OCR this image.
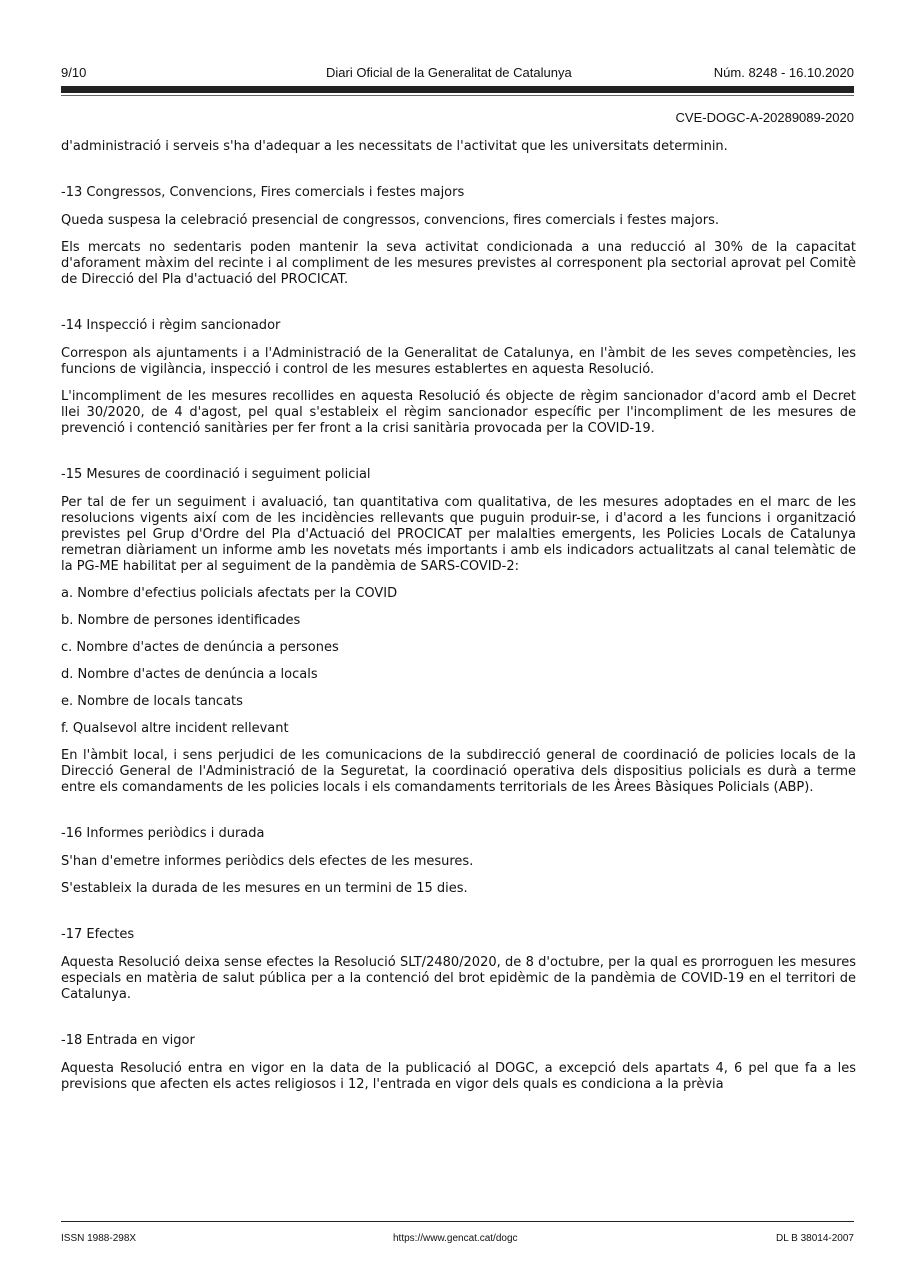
9/10	Diari Oficial de la Generalitat de Catalunya	Núm. 8248 - 16.10.2020
CVE-DOGC-A-20289089-2020

d'administració i serveis s'ha d'adequar a les necessitats de l'activitat que les universitats determinin.

-13 Congressos, Convencions, Fires comercials i festes majors

Queda suspesa la celebració presencial de congressos, convencions, fires comercials i festes majors.

Els mercats no sedentaris poden mantenir la seva activitat condicionada a una reducció al 30% de la capacitat d'aforament màxim del recinte i al compliment de les mesures previstes al corresponent pla sectorial aprovat pel Comitè de Direcció del Pla d'actuació del PROCICAT.

-14 Inspecció i règim sancionador

Correspon als ajuntaments i a l'Administració de la Generalitat de Catalunya, en l'àmbit de les seves competències, les funcions de vigilància, inspecció i control de les mesures establertes en aquesta Resolució.

L'incompliment de les mesures recollides en aquesta Resolució és objecte de règim sancionador d'acord amb el Decret llei 30/2020, de 4 d'agost, pel qual s'estableix el règim sancionador específic per l'incompliment de les mesures de prevenció i contenció sanitàries per fer front a la crisi sanitària provocada per la COVID-19.

-15 Mesures de coordinació i seguiment policial

Per tal de fer un seguiment i avaluació, tan quantitativa com qualitativa, de les mesures adoptades en el marc de les resolucions vigents així com de les incidències rellevants que puguin produir-se, i d'acord a les funcions i organització previstes pel Grup d'Ordre del Pla d'Actuació del PROCICAT per malalties emergents, les Policies Locals de Catalunya remetran diàriament un informe amb les novetats més importants i amb els indicadors actualitzats al canal telemàtic de la PG-ME habilitat per al seguiment de la pandèmia de SARS-COVID-2:

a. Nombre d'efectius policials afectats per la COVID

b. Nombre de persones identificades

c. Nombre d'actes de denúncia a persones

d. Nombre d'actes de denúncia a locals

e. Nombre de locals tancats

f. Qualsevol altre incident rellevant

En l'àmbit local, i sens perjudici de les comunicacions de la subdirecció general de coordinació de policies locals de la Direcció General de l'Administració de la Seguretat, la coordinació operativa dels dispositius policials es durà a terme entre els comandaments de les policies locals i els comandaments territorials de les Àrees Bàsiques Policials (ABP).

-16 Informes periòdics i durada

S'han d'emetre informes periòdics dels efectes de les mesures.

S'estableix la durada de les mesures en un termini de 15 dies.

-17 Efectes

Aquesta Resolució deixa sense efectes la Resolució SLT/2480/2020, de 8 d'octubre, per la qual es prorroguen les mesures especials en matèria de salut pública per a la contenció del brot epidèmic de la pandèmia de COVID-19 en el territori de Catalunya.

-18 Entrada en vigor

Aquesta Resolució entra en vigor en la data de la publicació al DOGC, a excepció dels apartats 4, 6 pel que fa a les previsions que afecten els actes religiosos i 12, l'entrada en vigor dels quals es condiciona a la prèvia

ISSN 1988-298X	https://www.gencat.cat/dogc	DL B 38014-2007
